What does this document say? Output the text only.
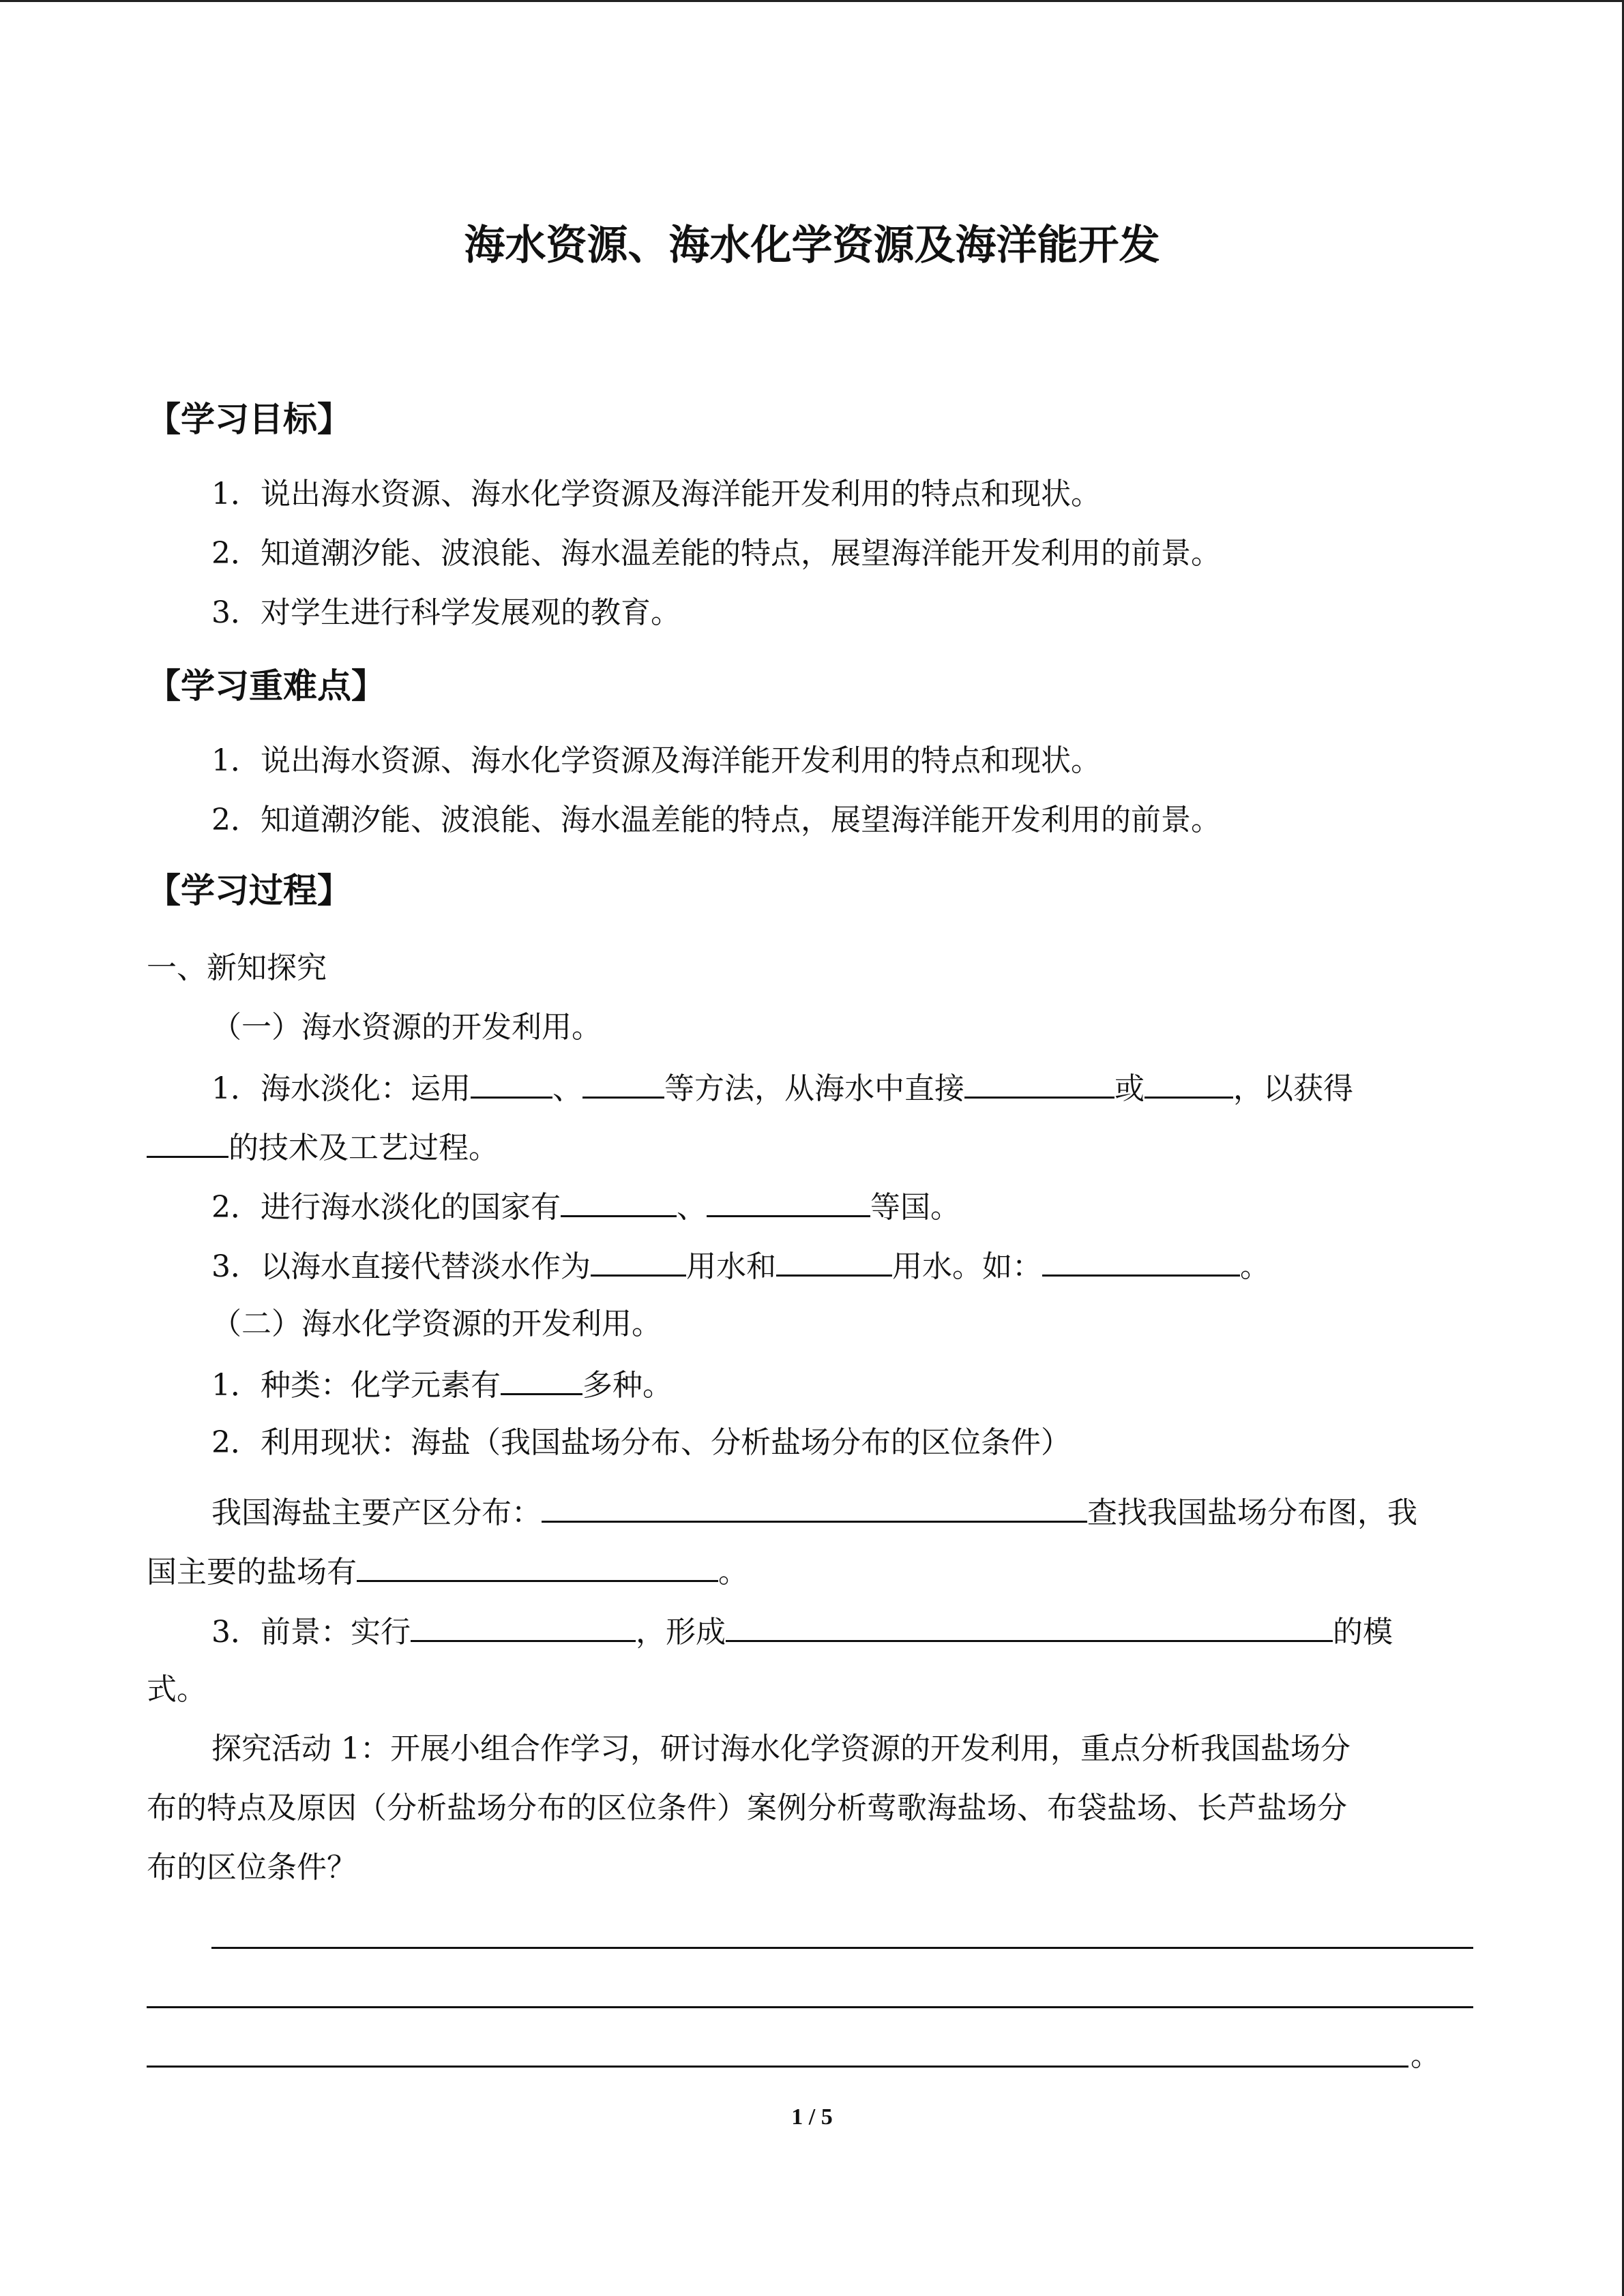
海水资源、海水化学资源及海洋能开发
【学习目标】
1．说出海水资源、海水化学资源及海洋能开发利用的特点和现状。
2．知道潮汐能、波浪能、海水温差能的特点，展望海洋能开发利用的前景。
3．对学生进行科学发展观的教育。
【学习重难点】
1．说出海水资源、海水化学资源及海洋能开发利用的特点和现状。
2．知道潮汐能、波浪能、海水温差能的特点，展望海洋能开发利用的前景。
【学习过程】
一、新知探究
（一）海水资源的开发利用。
1．海水淡化：运用	、	等方法，从海水中直接	或	，以获得
的技术及工艺过程。
2．进行海水淡化的国家有	、	等国。
3．以海水直接代替淡水作为	用水和	用水。如：	。
（二）海水化学资源的开发利用。
1．种类：化学元素有	多种。
2．利用现状：海盐（我国盐场分布、分析盐场分布的区位条件）
我国海盐主要产区分布：	查找我国盐场分布图，我
国主要的盐场有	。
3．前景：实行	，形成	的模
式。
探究活动 1：开展小组合作学习，研讨海水化学资源的开发利用，重点分析我国盐场分
布的特点及原因（分析盐场分布的区位条件）案例分析莺歌海盐场、布袋盐场、长芦盐场分
布的区位条件？
。
1 / 5
